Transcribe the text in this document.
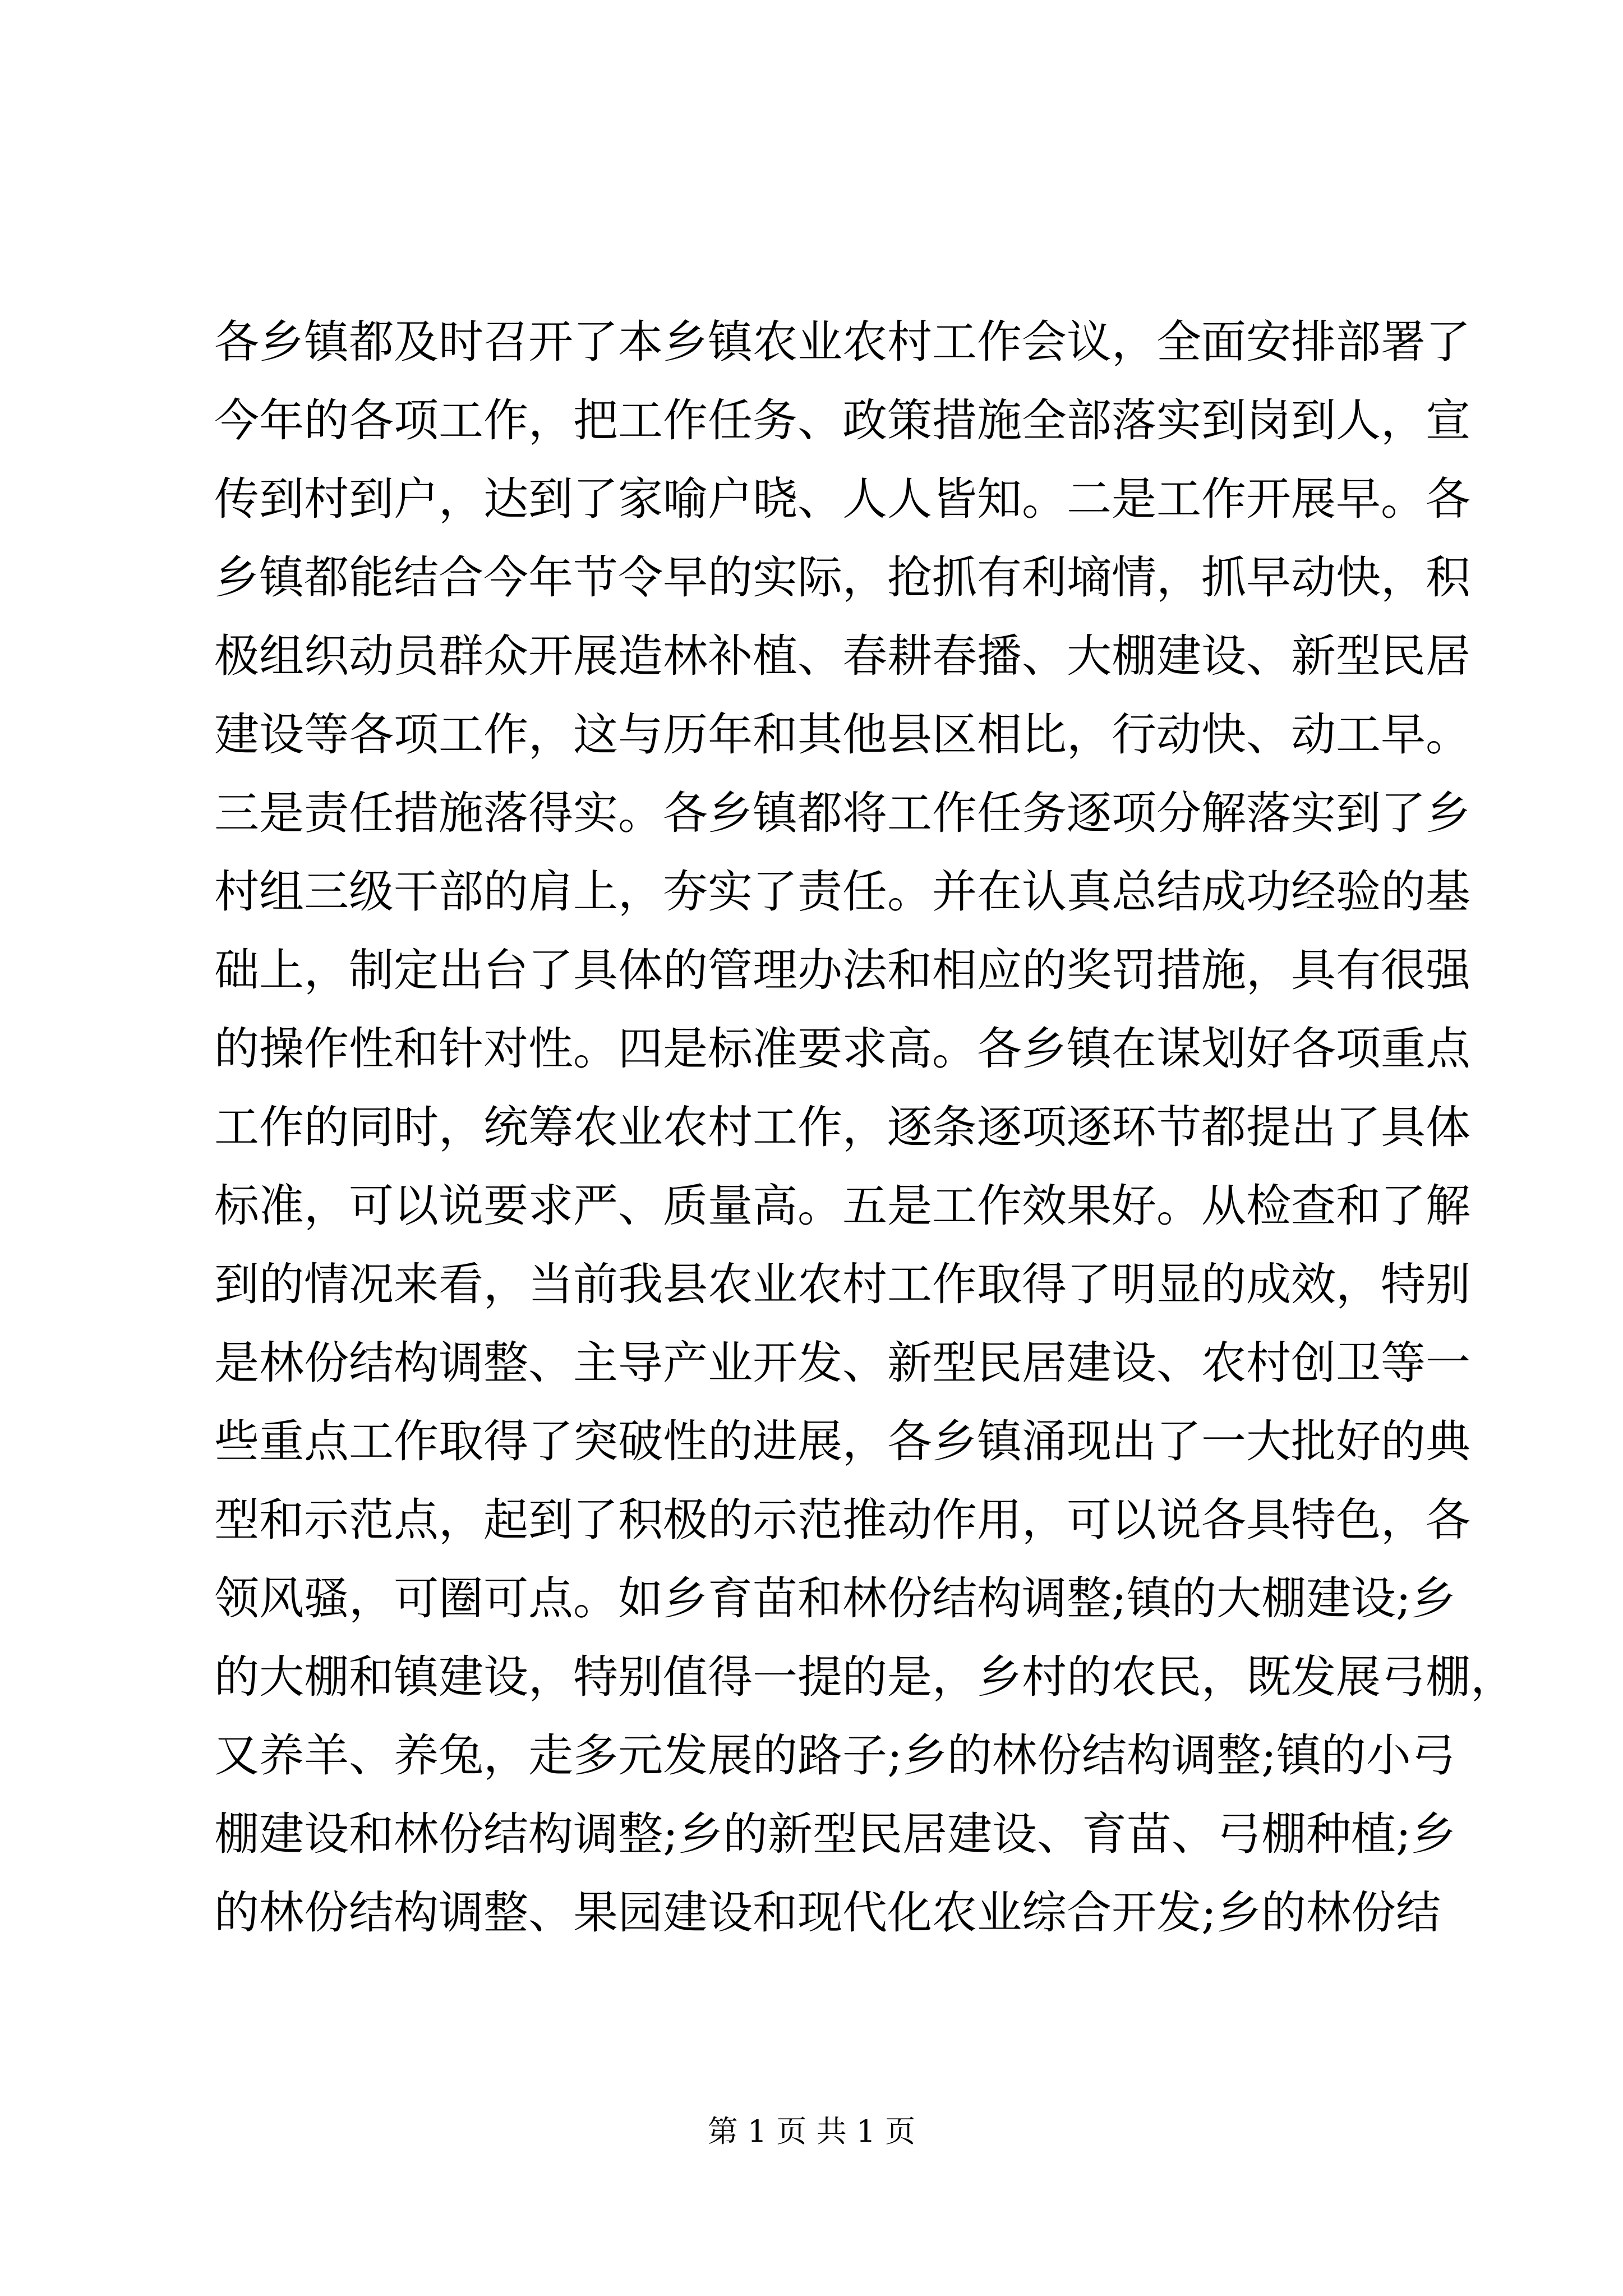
各乡镇都及时召开了本乡镇农业农村工作会议，全面安排部署了
今年的各项工作，把工作任务、政策措施全部落实到岗到人，宣
传到村到户，达到了家喻户晓、人人皆知。二是工作开展早。各
乡镇都能结合今年节令早的实际，抢抓有利墒情，抓早动快，积
极组织动员群众开展造林补植、春耕春播、大棚建设、新型民居
建设等各项工作，这与历年和其他县区相比，行动快、动工早。
三是责任措施落得实。各乡镇都将工作任务逐项分解落实到了乡
村组三级干部的肩上，夯实了责任。并在认真总结成功经验的基
础上，制定出台了具体的管理办法和相应的奖罚措施，具有很强
的操作性和针对性。四是标准要求高。各乡镇在谋划好各项重点
工作的同时，统筹农业农村工作，逐条逐项逐环节都提出了具体
标准，可以说要求严、质量高。五是工作效果好。从检查和了解
到的情况来看，当前我县农业农村工作取得了明显的成效，特别
是林份结构调整、主导产业开发、新型民居建设、农村创卫等一
些重点工作取得了突破性的进展，各乡镇涌现出了一大批好的典
型和示范点，起到了积极的示范推动作用，可以说各具特色，各
领风骚，可圈可点。如乡育苗和林份结构调整;镇的大棚建设;乡
的大棚和镇建设，特别值得一提的是，乡村的农民，既发展弓棚，
又养羊、养兔，走多元发展的路子;乡的林份结构调整;镇的小弓
棚建设和林份结构调整;乡的新型民居建设、育苗、弓棚种植;乡
的林份结构调整、果园建设和现代化农业综合开发;乡的林份结
第 1 页 共 1 页
